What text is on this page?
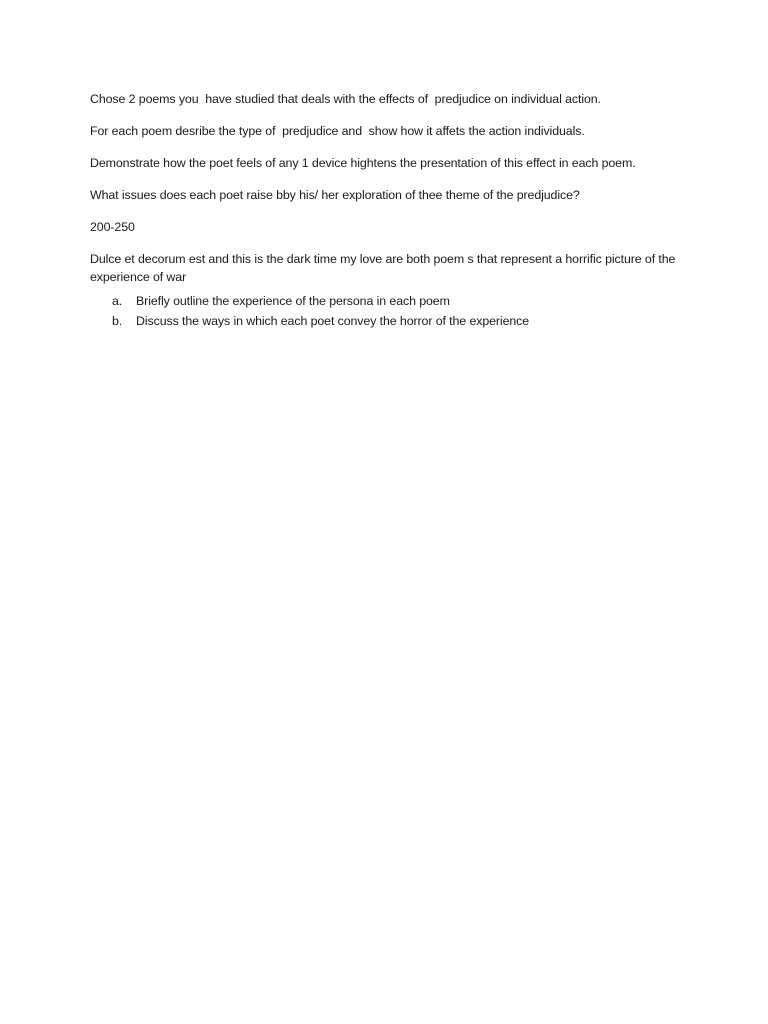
Chose 2 poems you  have studied that deals with the effects of  predjudice on individual action.

For each poem desribe the type of  predjudice and  show how it affets the action individuals.

Demonstrate how the poet feels of any 1 device hightens the presentation of this effect in each poem.

What issues does each poet raise bby his/ her exploration of thee theme of the predjudice?

200-250

Dulce et decorum est and this is the dark time my love are both poem s that represent a horrific picture of the experience of war

a.	Briefly outline the experience of the persona in each poem
b.	Discuss the ways in which each poet convey the horror of the experience
